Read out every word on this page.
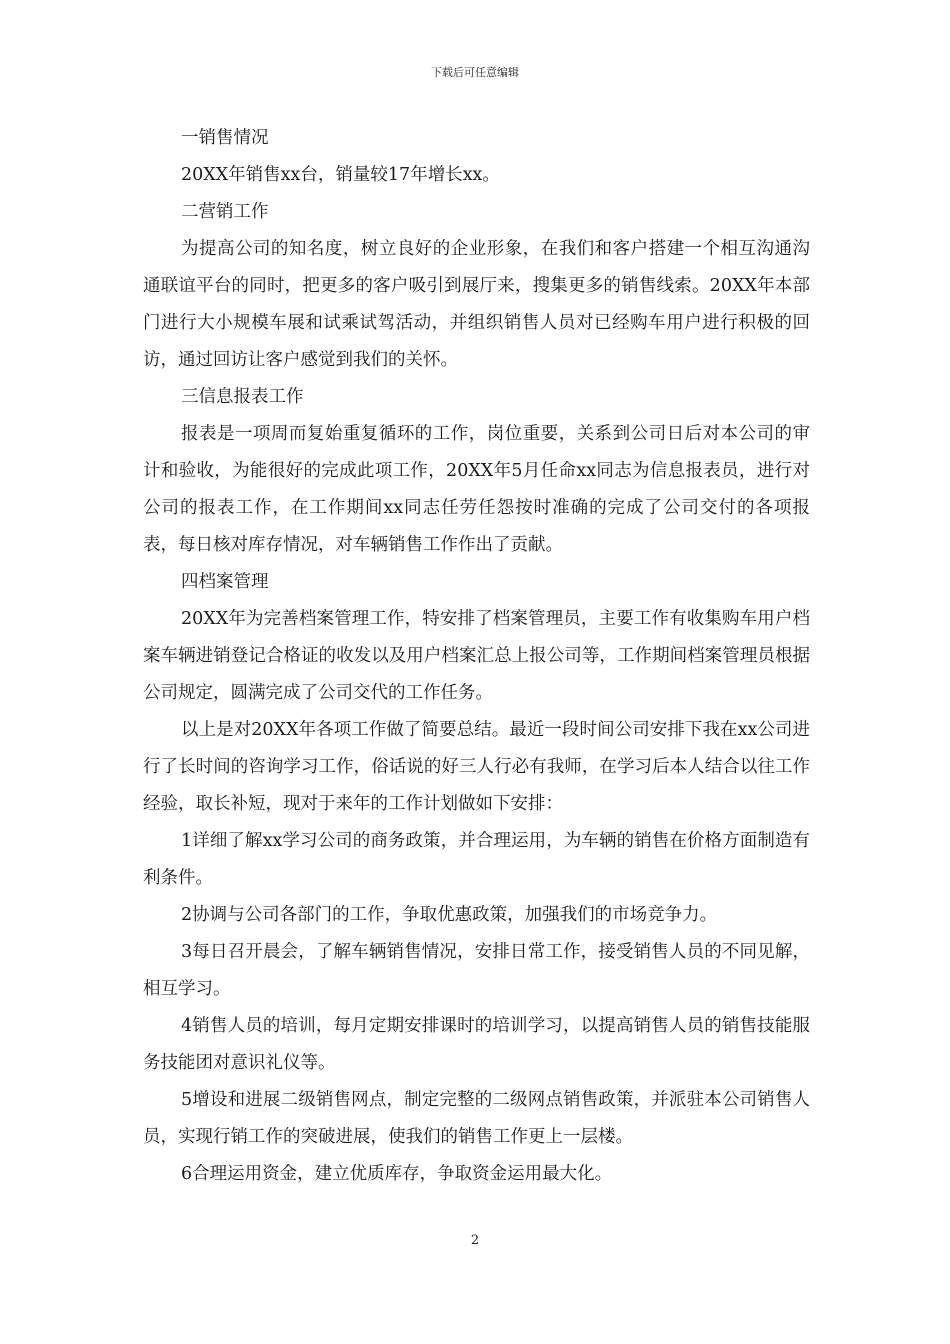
下载后可任意编辑

一销售情况

20XX年销售xx台，销量较17年增长xx。

二营销工作

为提高公司的知名度，树立良好的企业形象，在我们和客户搭建一个相互沟通沟通联谊平台的同时，把更多的客户吸引到展厅来，搜集更多的销售线索。20XX年本部门进行大小规模车展和试乘试驾活动，并组织销售人员对已经购车用户进行积极的回访，通过回访让客户感觉到我们的关怀。

三信息报表工作

报表是一项周而复始重复循环的工作，岗位重要，关系到公司日后对本公司的审计和验收，为能很好的完成此项工作，20XX年5月任命xx同志为信息报表员，进行对公司的报表工作，在工作期间xx同志任劳任怨按时准确的完成了公司交付的各项报表，每日核对库存情况，对车辆销售工作作出了贡献。

四档案管理

20XX年为完善档案管理工作，特安排了档案管理员，主要工作有收集购车用户档案车辆进销登记合格证的收发以及用户档案汇总上报公司等，工作期间档案管理员根据公司规定，圆满完成了公司交代的工作任务。

以上是对20XX年各项工作做了简要总结。最近一段时间公司安排下我在xx公司进行了长时间的咨询学习工作，俗话说的好三人行必有我师，在学习后本人结合以往工作经验，取长补短，现对于来年的工作计划做如下安排：

1详细了解xx学习公司的商务政策，并合理运用，为车辆的销售在价格方面制造有利条件。

2协调与公司各部门的工作，争取优惠政策，加强我们的市场竞争力。

3每日召开晨会，了解车辆销售情况，安排日常工作，接受销售人员的不同见解，相互学习。

4销售人员的培训，每月定期安排课时的培训学习，以提高销售人员的销售技能服务技能团对意识礼仪等。

5增设和进展二级销售网点，制定完整的二级网点销售政策，并派驻本公司销售人员，实现行销工作的突破进展，使我们的销售工作更上一层楼。

6合理运用资金，建立优质库存，争取资金运用最大化。

2
